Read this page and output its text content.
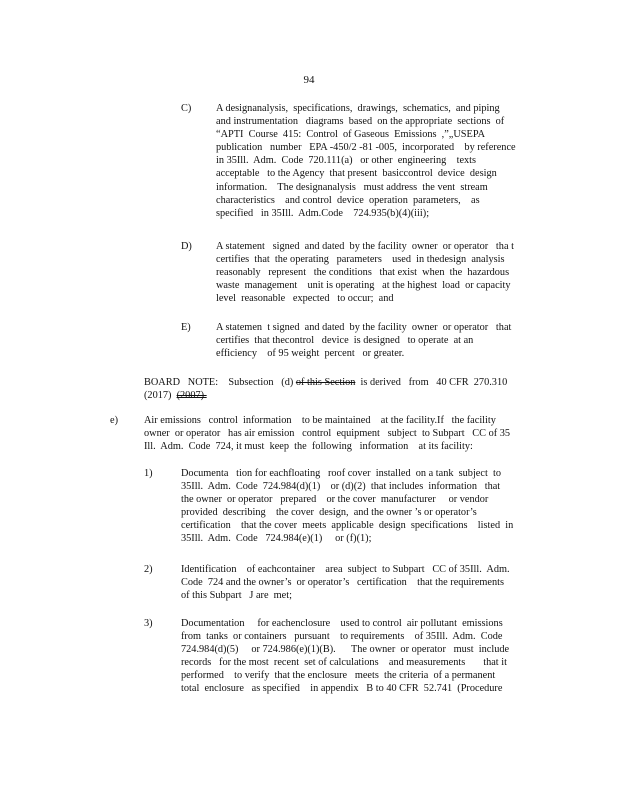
94
C) A designanalysis,  specifications,  drawings,  schematics,  and piping
and instrumentation   diagrams  based  on the appropriate  sections  of
“APTI  Course  415:  Control  of Gaseous  Emissions  ,”„USEPA
publication   number   EPA -450/2 -81 -005,  incorporated    by reference
in 35Ill.  Adm.  Code  720.111(a)   or other  engineering    texts
acceptable   to the Agency  that present  basiccontrol  device  design
information.    The designanalysis   must address  the vent  stream
characteristics    and control  device  operation  parameters,    as
specified   in 35Ill.  Adm.Code    724.935(b)(4)(iii);
D) A statement   signed  and dated  by the facility  owner  or operator   tha t
certifies  that  the operating   parameters    used  in thedesign  analysis
reasonably   represent   the conditions   that exist  when  the  hazardous
waste  management    unit is operating   at the highest  load  or capacity
level  reasonable   expected   to occur;  and
E) A statemen  t signed  and dated  by the facility  owner  or operator   that
certifies  that thecontrol   device  is designed   to operate  at an
efficiency    of 95 weight  percent   or greater.
BOARD   NOTE:    Subsection   (d) of this Section  is derived   from   40 CFR  270.310
(2017)  (2007)
e)	Air emissions   control  information    to be maintained    at the facility.If   the facility
owner  or operator   has air emission   control  equipment   subject  to Subpart   CC of 35
Ill.  Adm.  Code  724, it must  keep  the  following   information    at its facility:
1)	Documenta   tion for eachfloating   roof cover  installed  on a tank  subject  to
35Ill.  Adm.  Code  724.984(d)(1)    or (d)(2)  that includes  information   that
the owner  or operator   prepared    or the cover  manufacturer     or vendor
provided  describing    the cover  design,  and the owner ’s or operator’s
certification    that the cover  meets  applicable  design  specifications    listed  in
35Ill.  Adm.  Code   724.984(e)(1)     or (f)(1);
2)	Identification    of eachcontainer    area  subject  to Subpart   CC of 35Ill.  Adm.
Code  724 and the owner’s  or operator’s   certification    that the requirements
of this Subpart   J are  met;
3)	Documentation     for eachenclosure    used to control  air pollutant  emissions
from  tanks  or containers   pursuant    to requirements    of 35Ill.  Adm.  Code
724.984(d)(5)     or 724.986(e)(1)(B).      The owner  or operator   must  include
records   for the most  recent  set of calculations    and measurements       that it
performed    to verify  that the enclosure   meets  the criteria  of a permanent
total  enclosure   as specified    in appendix   B to 40 CFR  52.741  (Procedure
